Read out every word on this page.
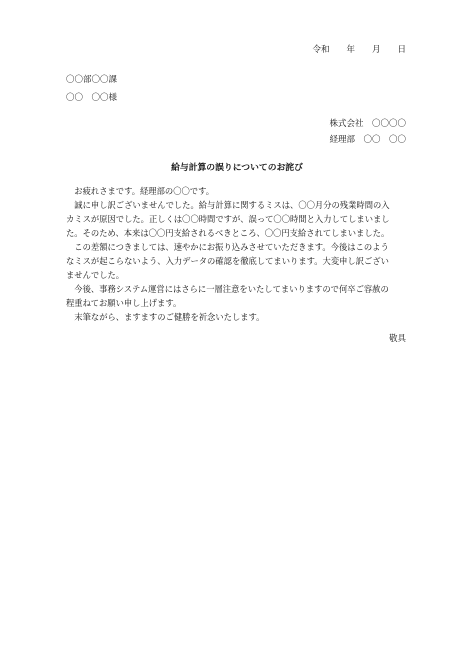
令和　　年　　月　　日
〇〇部〇〇課
〇〇　〇〇様
株式会社　〇〇〇〇
経理部　〇〇　〇〇
給与計算の誤りについてのお詫び

　お疲れさまです。経理部の〇〇です。

　誠に申し訳ございませんでした。給与計算に関するミスは、〇〇月分の残業時間の入

カミスが原因でした。正しくは〇〇時間ですが、誤って〇〇時間と入力してしまいまし

た。そのため、本来は〇〇円支給されるべきところ、〇〇円支給されてしまいました。

　この差額につきましては、速やかにお振り込みさせていただきます。今後はこのよう

なミスが起こらないよう、入力データの確認を徹底してまいります。大変申し訳ござい

ませんでした。

　今後、事務システム運営にはさらに一層注意をいたしてまいりますので何卒ご容赦の

程重ねてお願い申し上げます。

　末筆ながら、ますますのご健勝を祈念いたします。

敬具
